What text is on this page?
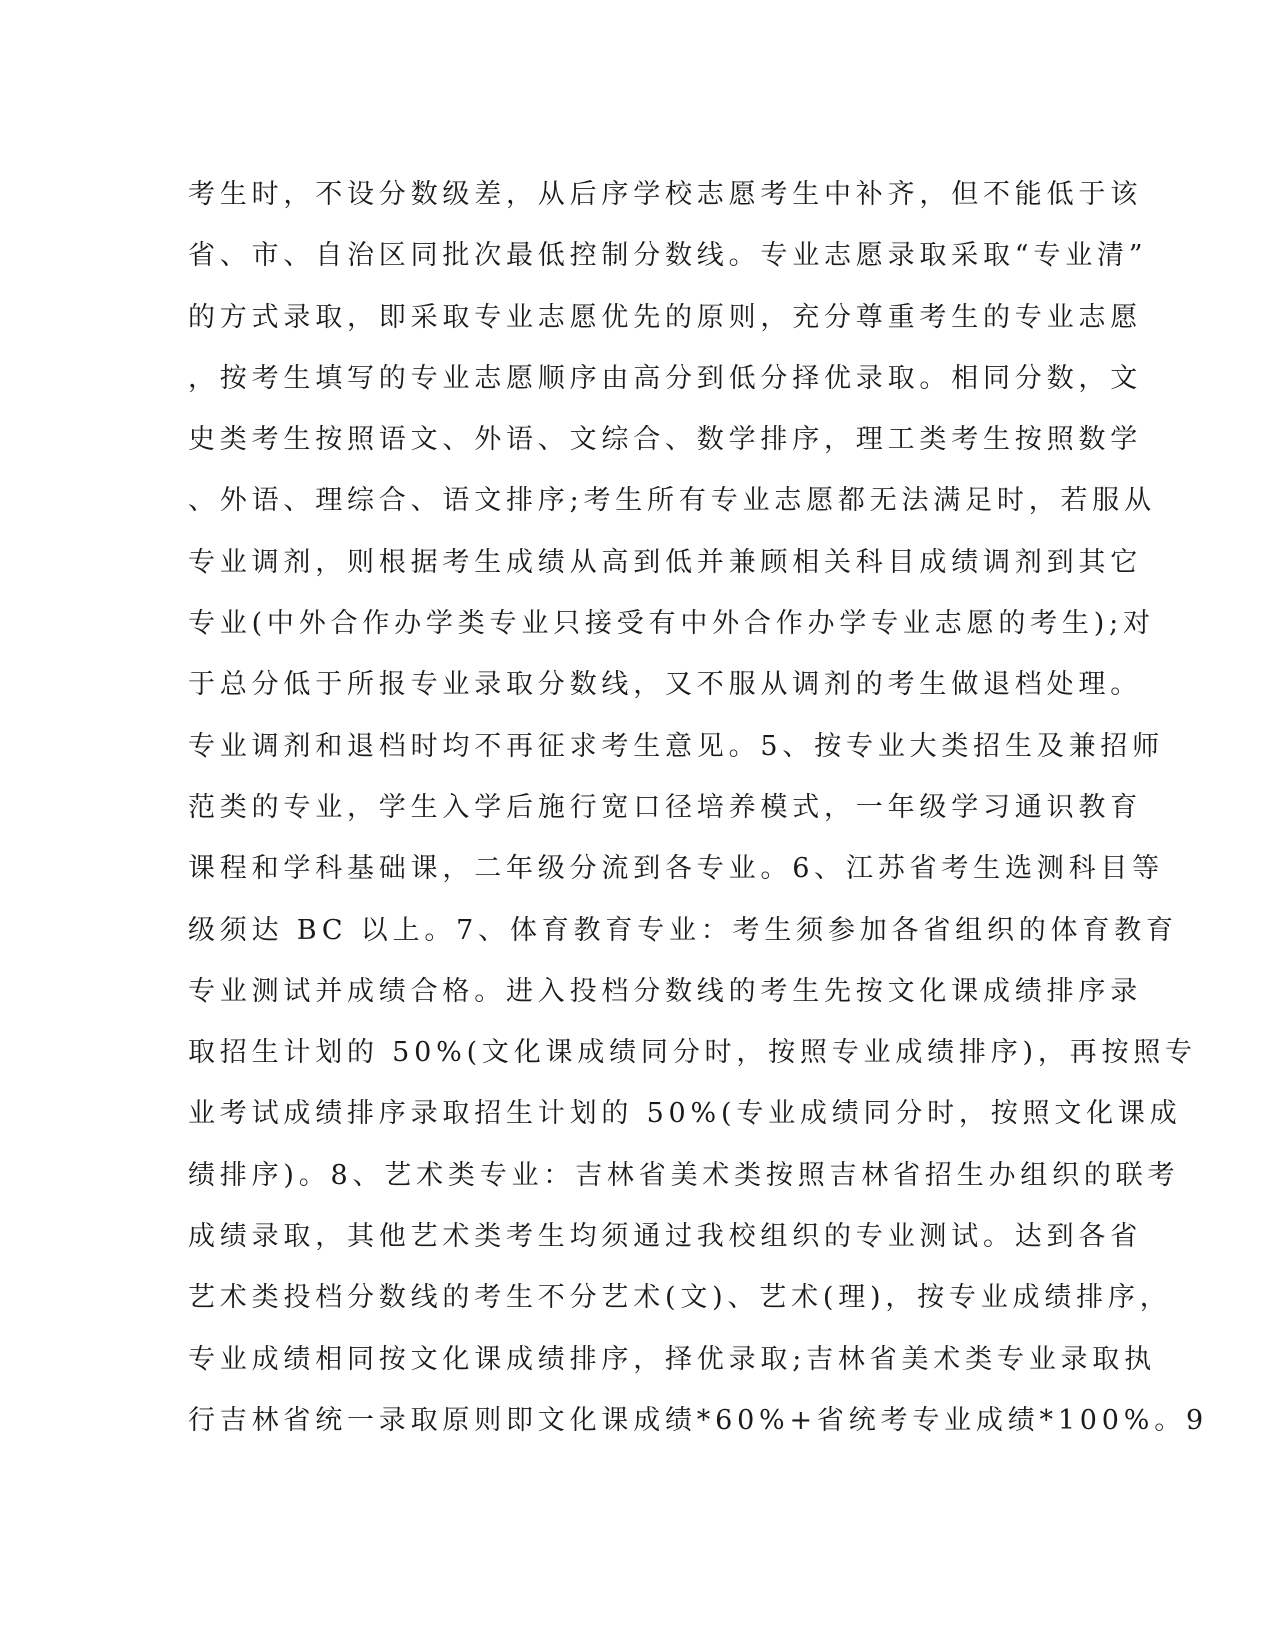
考生时，不设分数级差，从后序学校志愿考生中补齐，但不能低于该
省、市、自治区同批次最低控制分数线。专业志愿录取采取“专业清”
的方式录取，即采取专业志愿优先的原则，充分尊重考生的专业志愿
，按考生填写的专业志愿顺序由高分到低分择优录取。相同分数，文
史类考生按照语文、外语、文综合、数学排序，理工类考生按照数学
、外语、理综合、语文排序;考生所有专业志愿都无法满足时，若服从
专业调剂，则根据考生成绩从高到低并兼顾相关科目成绩调剂到其它
专业(中外合作办学类专业只接受有中外合作办学专业志愿的考生);对
于总分低于所报专业录取分数线，又不服从调剂的考生做退档处理。
专业调剂和退档时均不再征求考生意见。5、按专业大类招生及兼招师
范类的专业，学生入学后施行宽口径培养模式，一年级学习通识教育
课程和学科基础课，二年级分流到各专业。6、江苏省考生选测科目等
级须达 BC 以上。7、体育教育专业：考生须参加各省组织的体育教育
专业测试并成绩合格。进入投档分数线的考生先按文化课成绩排序录
取招生计划的 50%(文化课成绩同分时，按照专业成绩排序)，再按照专
业考试成绩排序录取招生计划的 50%(专业成绩同分时，按照文化课成
绩排序)。8、艺术类专业：吉林省美术类按照吉林省招生办组织的联考
成绩录取，其他艺术类考生均须通过我校组织的专业测试。达到各省
艺术类投档分数线的考生不分艺术(文)、艺术(理)，按专业成绩排序，
专业成绩相同按文化课成绩排序，择优录取;吉林省美术类专业录取执
行吉林省统一录取原则即文化课成绩*60%+省统考专业成绩*100%。9
